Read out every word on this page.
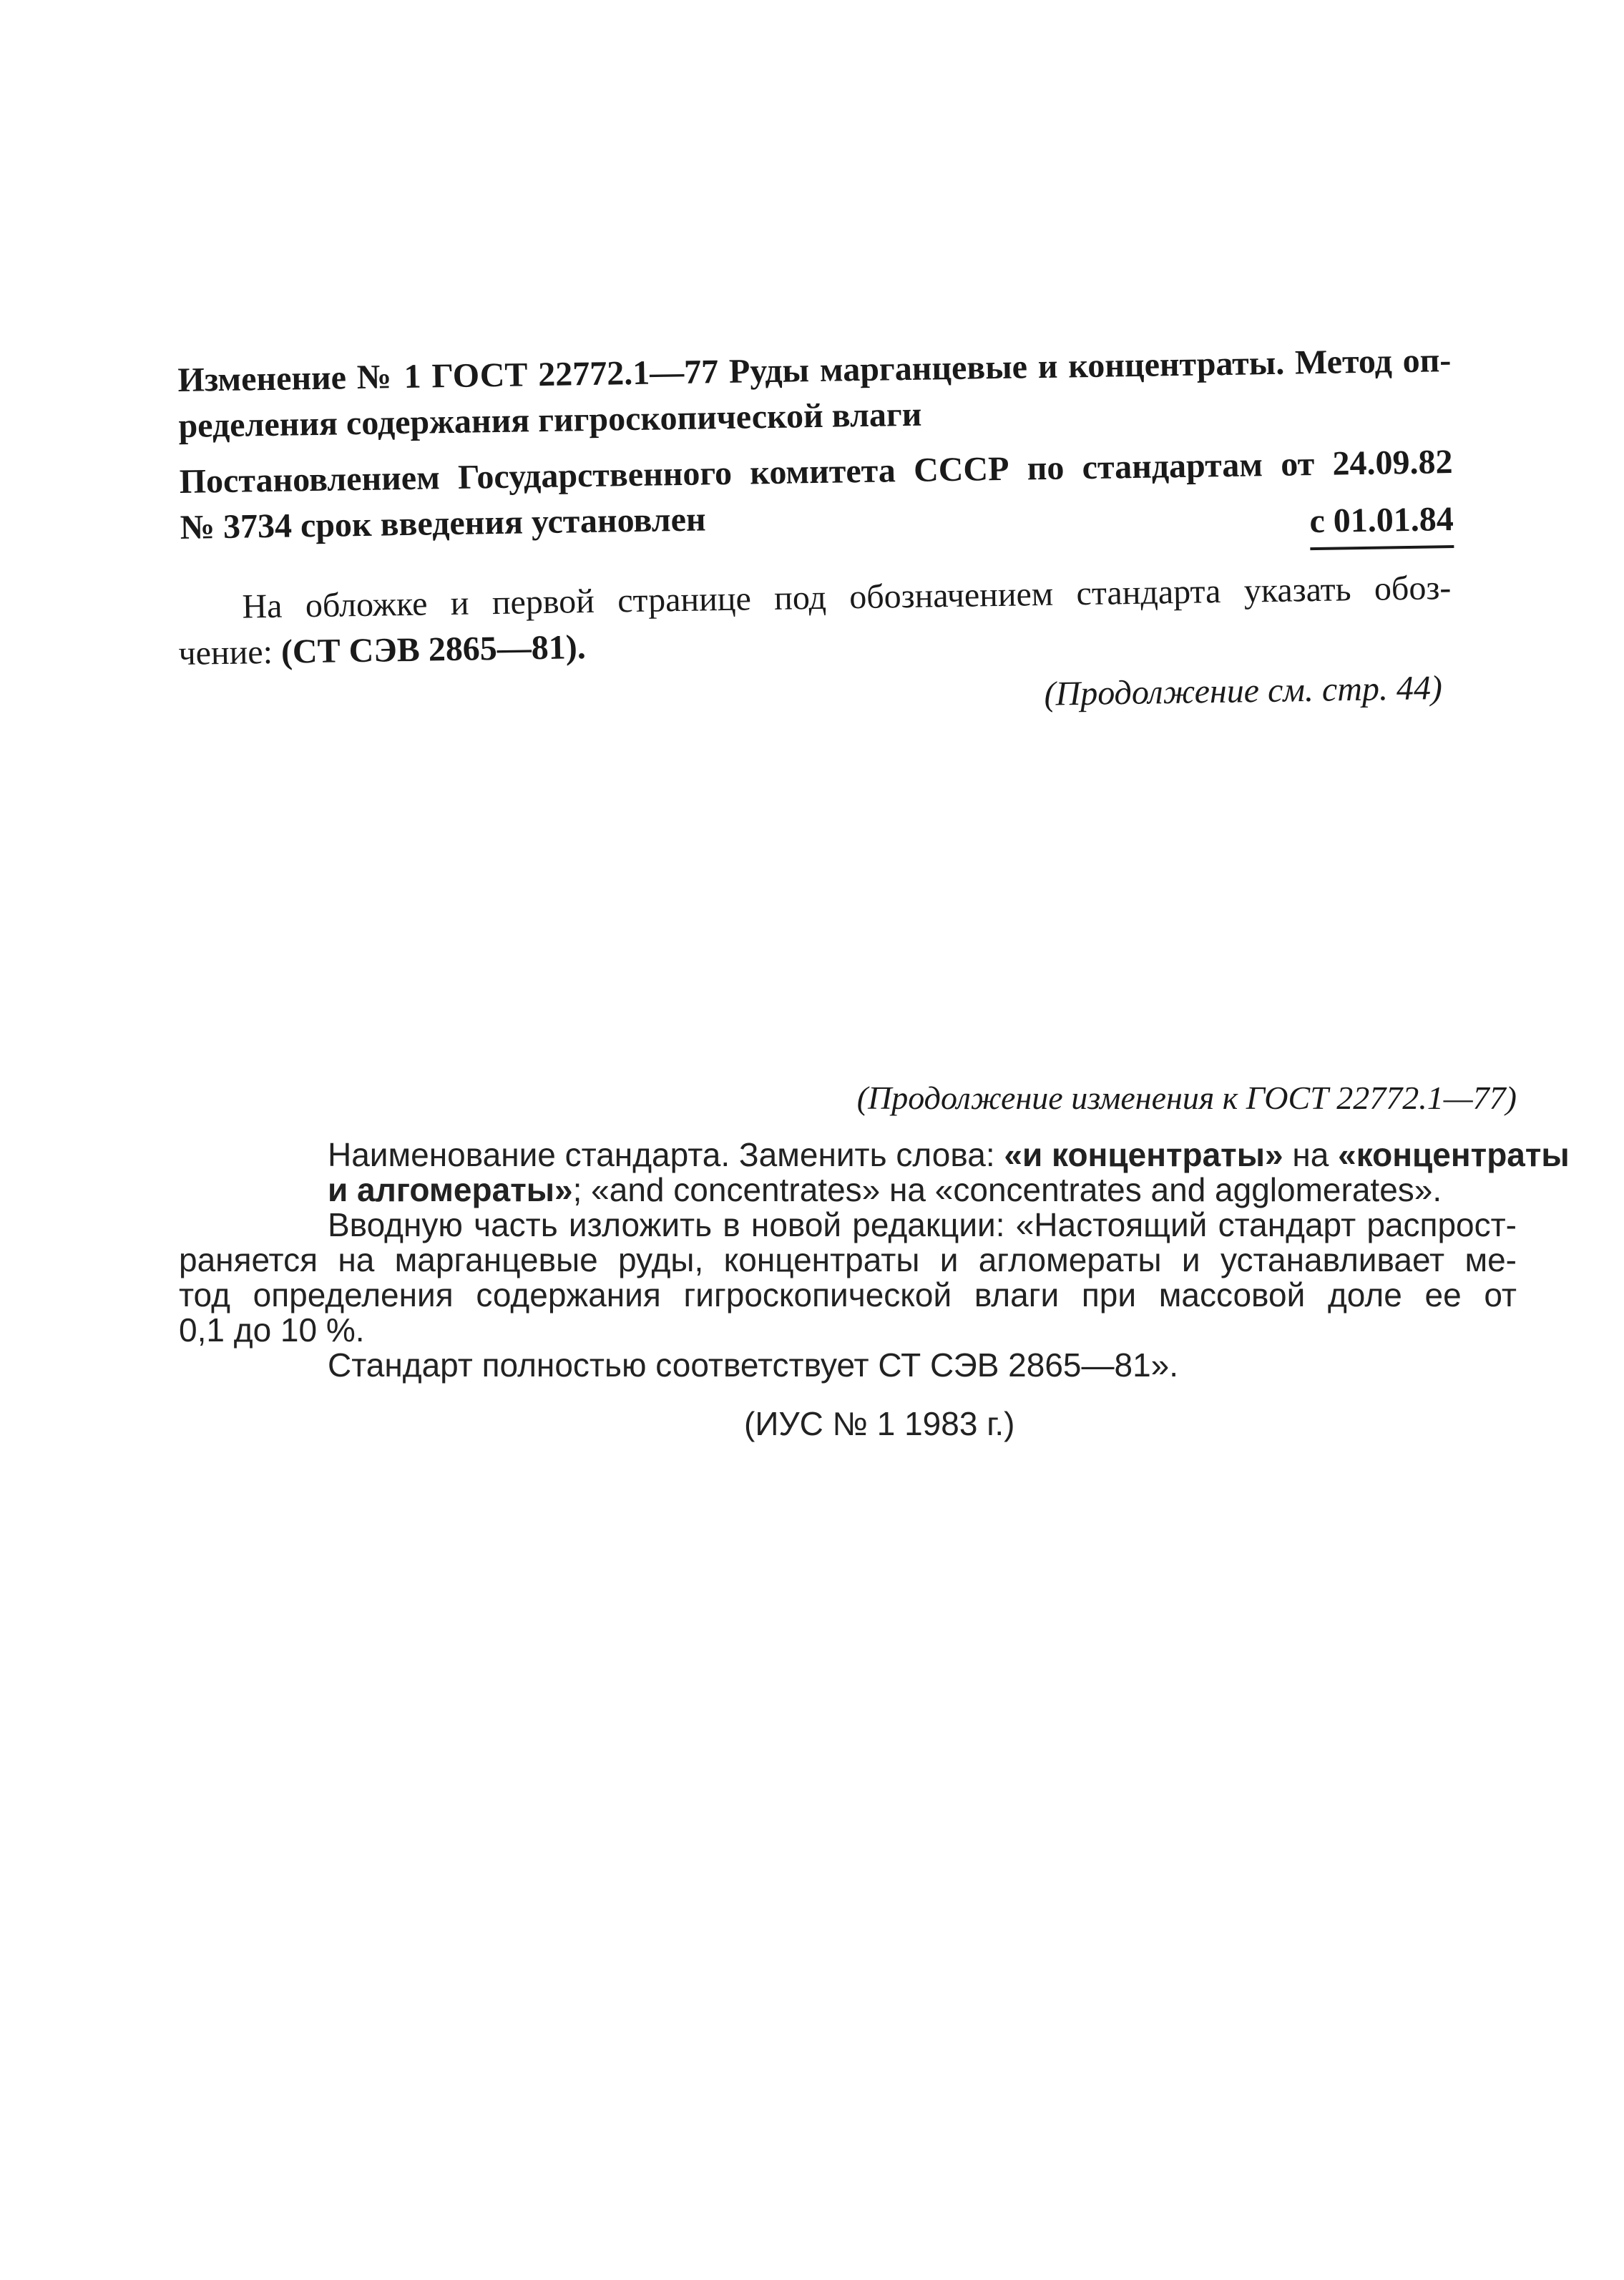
Изменение № 1 ГОСТ 22772.1—77 Руды марганцевые и концентраты. Метод оп-
ределения содержания гигроскопической влаги
Постановлением Государственного комитета СССР по стандартам от 24.09.82
№ 3734 срок введения установлен	с 01.01.84
На обложке и первой странице под обозначением стандарта указать обоз-
чение: (СТ СЭВ 2865—81).
(Продолжение см. стр. 44)
(Продолжение изменения к ГОСТ 22772.1—77)
Наименование стандарта. Заменить слова: «и концентраты» на «концентраты
и алгомераты»; «and concentrates» на «concentrates and agglomerates».
Вводную часть изложить в новой редакции: «Настоящий стандарт распрост-
раняется на марганцевые руды, концентраты и агломераты и устанавливает ме-
тод определения содержания гигроскопической влаги при массовой доле ее от
0,1 до 10 %.
Стандарт полностью соответствует СТ СЭВ 2865—81».
(ИУС № 1 1983 г.)
